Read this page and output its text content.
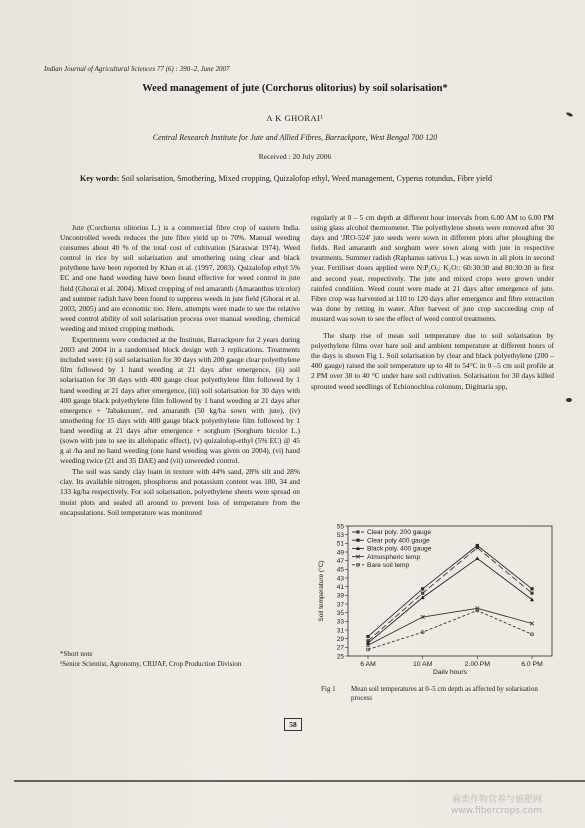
Indian Journal of Agricultural Sciences 77 (6) : 390–2, June 2007
Weed management of jute (Corchorus olitorius) by soil solarisation*
A K GHORAI¹
Central Research Institute for Jute and Allied Fibres, Barrackpore, West Bengal 700 120
Received : 20 July 2006
Key words: Soil solarisation, Smothering, Mixed cropping, Quizalofop ethyl, Weed management, Cyperus rotundus, Fibre yield

Jute (Corchorus olitorius L.) is a commercial fibre crop of eastern India. Uncontrolled weeds reduces the jute fibre yield up to 70%. Manual weeding consumes about 40 % of the total cost of cultivation (Saraswat 1974). Weed control in rice by soil solarisation and smothering using clear and black polythene have been reported by Khan et al. (1997, 2003). Quizalofop ethyl 5% EC and one hand weeding have been found effective for weed control in jute field (Ghorai et al. 2004). Mixed cropping of red amaranth (Amaranthus tricolor) and summer radish have been found to suppress weeds in jute field (Ghorai et al. 2003, 2005) and are economic too. Here, attempts were made to see the relative weed control ability of soil solarisation process over manual weeding, chemical weeding and mixed cropping methods.

Experiments were conducted at the Institute, Barrackpore for 2 years during 2003 and 2004 in a randomised block design with 3 replications. Treatments included were: (i) soil solarisation for 30 days with 200 gauge clear polyethylene film followed by 1 hand weeding at 21 days after emergence, (ii) soil solarisation for 30 days with 400 gauge clear polyethylene film followed by 1 hand weeding at 21 days after emergence, (iii) soil solarisation for 30 days with 400 gauge black polyethylene film followed by 1 hand weeding at 21 days after emergence + 'Jabakusum', red amaranth (50 kg/ha sown with jute), (iv) smothering for 15 days with 400 gauge black polyethylene film followed by 1 hand weeding at 21 days after emergence + sorghum (Sorghum bicolor L.) (sown with jute to see its allelopatic effect), (v) quizalofop-ethyl (5% EC) @ 45 g ai /ha and no hand weeding (one hand weeding was given on 2004), (vi) hand weeding twice (21 and 35 DAE) and (vii) unweeded control.

The soil was sandy clay loam in texture with 44% sand, 28% silt and 28% clay. Its available nitrogen, phosphorus and potassium content was 180, 34 and 133 kg/ha respectively. For soil solarisation, polyethylene sheets were spread on moist plots and sealed all around to prevent loss of temperature from the encapsulations. Soil temperature was monitored

regularly at 0 – 5 cm depth at different hour intervals from 6.00 AM to 6.00 PM using glass alcohol thermometer. The polyethylene sheets were removed after 30 days and 'JRO-524' jute seeds were sown in different plots after ploughing the fields. Red amaranth and sorghum were sown along with jute in respective treatments. Summer radish (Raphanus sativus L.) was sown in all plots in second year. Fertiliser doses applied were N:P₂O₅: K₂O:: 60:30:30 and 80:30:30 in first and second year, respectively. The jute and mixed crops were grown under rainfed condition. Weed count were made at 21 days after emergence of jute. Fibre crop was harvested at 110 to 120 days after emergence and fibre extraction was done by retting in water. After harvest of jute crop succeeding crop of mustard was sown to see the effect of weed control treatments.

The sharp rise of mean soil temperature due to soil solarisation by polyethylene films over bare soil and ambient temperature at different hours of the days is shown Fig 1. Soil solarisation by clear and black polyethylene (200 – 400 gauge) raised the soil temperature up to 48 to 54°C in 0 –5 cm soil profile at 2 PM over 38 to 40 °C under bare soil cultivation. Solarisation for 30 days killed sprouted weed seedlings of Echionochloa colonum, Digittaria spp,

*Short note
¹Senior Scientist, Agronomy, CRIJAF, Crop Production Division
25
27
29
31
33
35
37
39
41
43
45
47
49
51
53
55
6 AM	10 AM	2.00 PM	6.0 PM
Daily hours
Soil temperature (°C)
Clear poly. 200 gauge
Clear poly 400 gauge
Black poly. 400 gauge
Atmospheric temp
Bare soil temp
Fig 1 Mean soil temperatures at 0–5 cm depth as affected by solarisation process
58
麻类作物营养与施肥网
www.fibercrops.com
